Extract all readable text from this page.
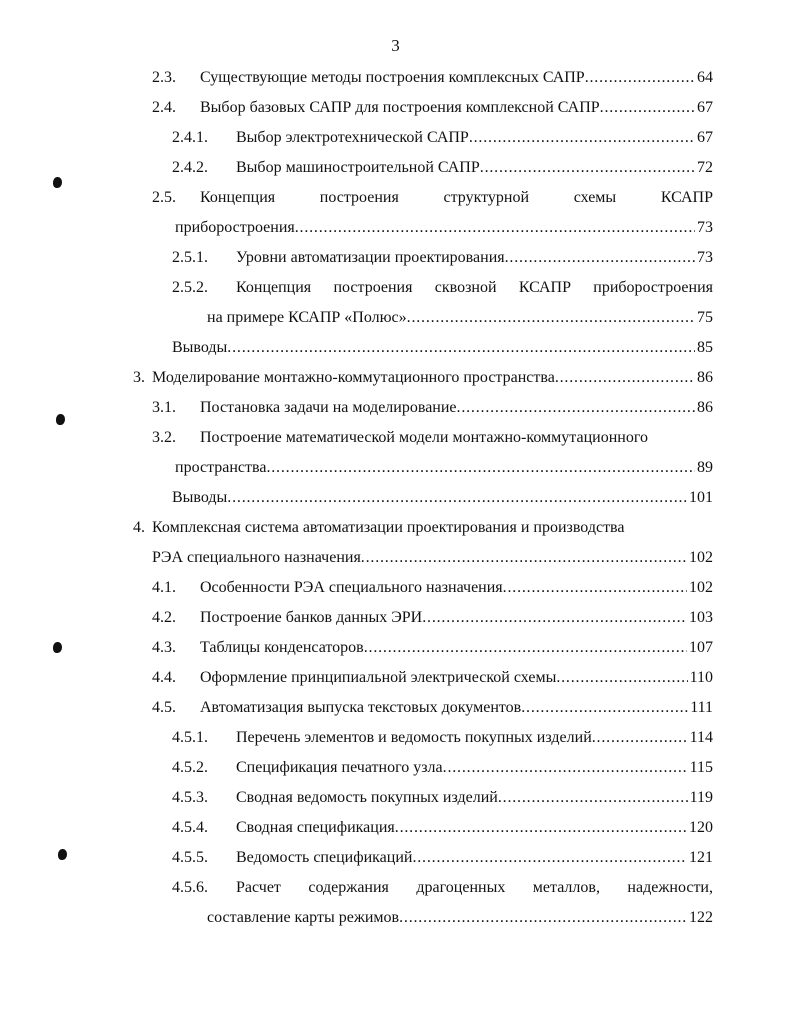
3
2.3. Существующие методы построения комплексных САПР . . .	64
2.4. Выбор базовых САПР для построения комплексной САПР . . .	67
2.4.1. Выбор электротехнической САПР . . .	67
2.4.2. Выбор машиностроительной САПР . . .	72
2.5. Концепция построения структурной схемы КСАПР
приборостроения . . .	73
2.5.1. Уровни автоматизации проектирования . . .	73
2.5.2. Концепция построения сквозной КСАПР приборостроения
на примере КСАПР «Полюс» . . .	75
Выводы . . .	85
3. Моделирование монтажно-коммутационного пространства . . .	86
3.1. Постановка задачи на моделирование . . .	86
3.2. Построение математической модели монтажно-коммутационного
пространства . . .	89
Выводы . . .	101
4. Комплексная система автоматизации проектирования и производства
РЭА специального назначения . . .	102
4.1. Особенности РЭА специального назначения . . .	102
4.2. Построение банков данных ЭРИ . . .	103
4.3. Таблицы конденсаторов . . .	107
4.4. Оформление принципиальной электрической схемы . . .	110
4.5. Автоматизация выпуска текстовых документов . . .	111
4.5.1. Перечень элементов и ведомость покупных изделий . . .	114
4.5.2. Спецификация печатного узла . . .	115
4.5.3. Сводная ведомость покупных изделий . . .	119
4.5.4. Сводная спецификация . . .	120
4.5.5. Ведомость спецификаций . . .	121
4.5.6. Расчет содержания драгоценных металлов, надежности,
составление карты режимов . . .	122
